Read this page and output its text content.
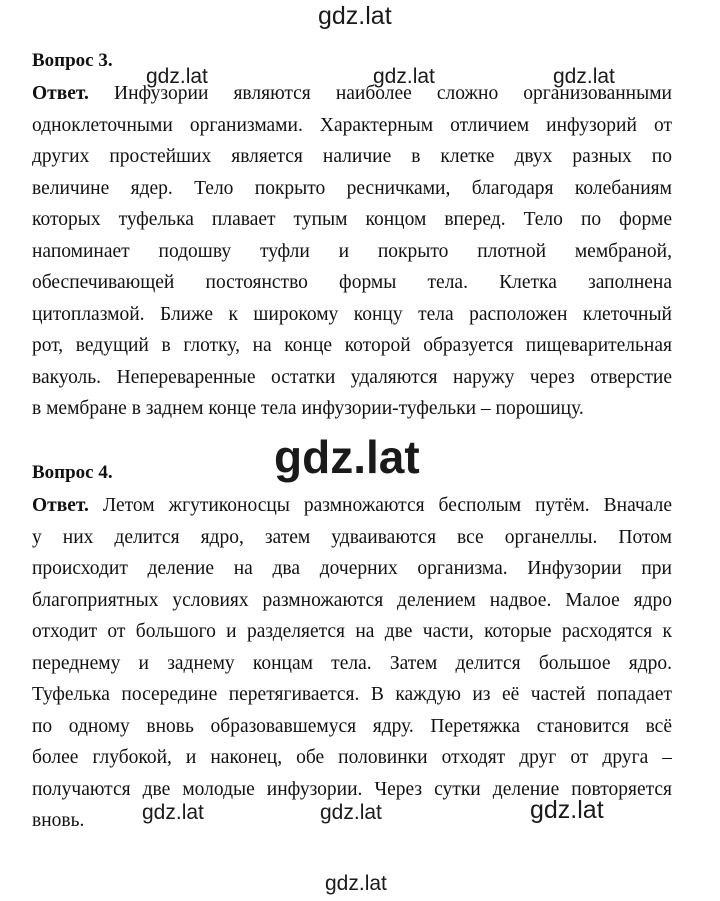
gdz.lat
gdz.lat	gdz.lat	gdz.lat
gdz.lat
gdz.lat	gdz.lat	gdz.lat
gdz.lat
Вопрос 3.
Ответ. Инфузории являются наиболее сложно организованными
одноклеточными организмами. Характерным отличием инфузорий от
других простейших является наличие в клетке двух разных по
величине ядер. Тело покрыто ресничками, благодаря колебаниям
которых туфелька плавает тупым концом вперед. Тело по форме
напоминает подошву туфли и покрыто плотной мембраной,
обеспечивающей постоянство формы тела. Клетка заполнена
цитоплазмой. Ближе к широкому концу тела расположен клеточный
рот, ведущий в глотку, на конце которой образуется пищеварительная
вакуоль. Непереваренные остатки удаляются наружу через отверстие
в мембране в заднем конце тела инфузории-туфельки – порошицу.
Вопрос 4.
Ответ. Летом жгутиконосцы размножаются бесполым путём. Вначале
у них делится ядро, затем удваиваются все органеллы. Потом
происходит деление на два дочерних организма. Инфузории при
благоприятных условиях размножаются делением надвое. Малое ядро
отходит от большого и разделяется на две части, которые расходятся к
переднему и заднему концам тела. Затем делится большое ядро.
Туфелька посередине перетягивается. В каждую из её частей попадает
по одному вновь образовавшемуся ядру. Перетяжка становится всё
более глубокой, и наконец, обе половинки отходят друг от друга –
получаются две молодые инфузории. Через сутки деление повторяется
вновь.
